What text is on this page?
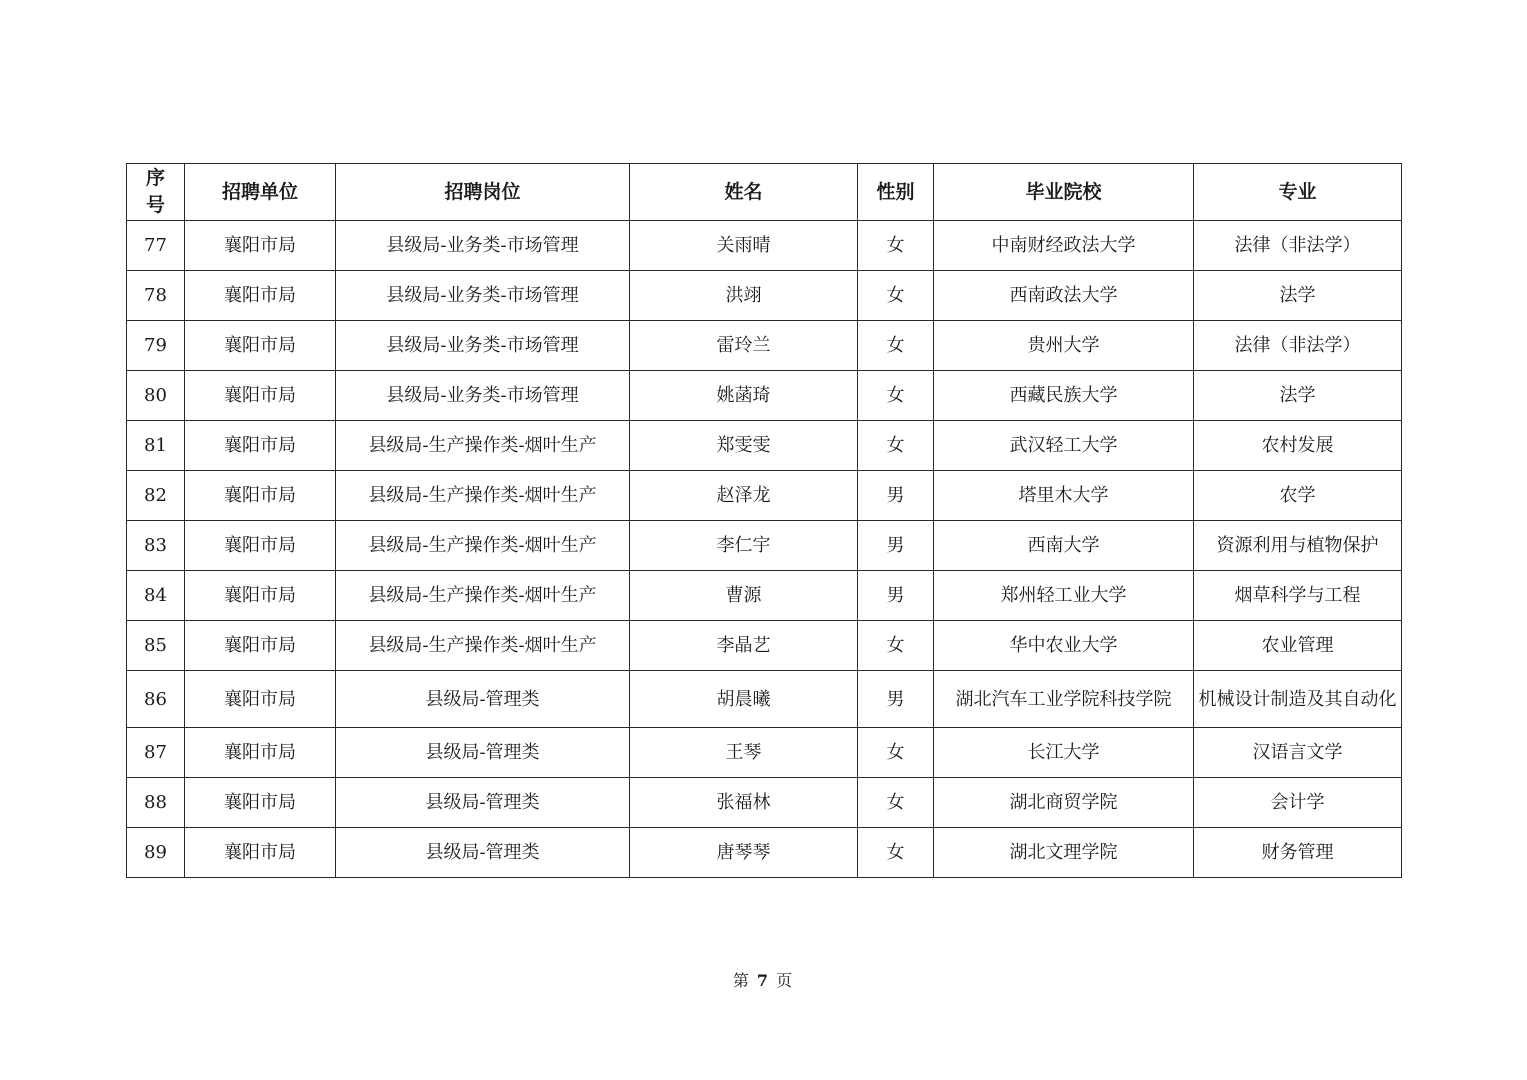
序
号	招聘单位	招聘岗位	姓名	性别	毕业院校	专业
77	襄阳市局	县级局-业务类-市场管理	关雨晴	女	中南财经政法大学	法律（非法学）
78	襄阳市局	县级局-业务类-市场管理	洪翊	女	西南政法大学	法学
79	襄阳市局	县级局-业务类-市场管理	雷玲兰	女	贵州大学	法律（非法学）
80	襄阳市局	县级局-业务类-市场管理	姚菡琦	女	西藏民族大学	法学
81	襄阳市局	县级局-生产操作类-烟叶生产	郑雯雯	女	武汉轻工大学	农村发展
82	襄阳市局	县级局-生产操作类-烟叶生产	赵泽龙	男	塔里木大学	农学
83	襄阳市局	县级局-生产操作类-烟叶生产	李仁宇	男	西南大学	资源利用与植物保护
84	襄阳市局	县级局-生产操作类-烟叶生产	曹源	男	郑州轻工业大学	烟草科学与工程
85	襄阳市局	县级局-生产操作类-烟叶生产	李晶艺	女	华中农业大学	农业管理
86	襄阳市局	县级局-管理类	胡晨曦	男	湖北汽车工业学院科技学院	机械设计制造及其自动化
87	襄阳市局	县级局-管理类	王琴	女	长江大学	汉语言文学
88	襄阳市局	县级局-管理类	张福林	女	湖北商贸学院	会计学
89	襄阳市局	县级局-管理类	唐琴琴	女	湖北文理学院	财务管理
第 7 页
